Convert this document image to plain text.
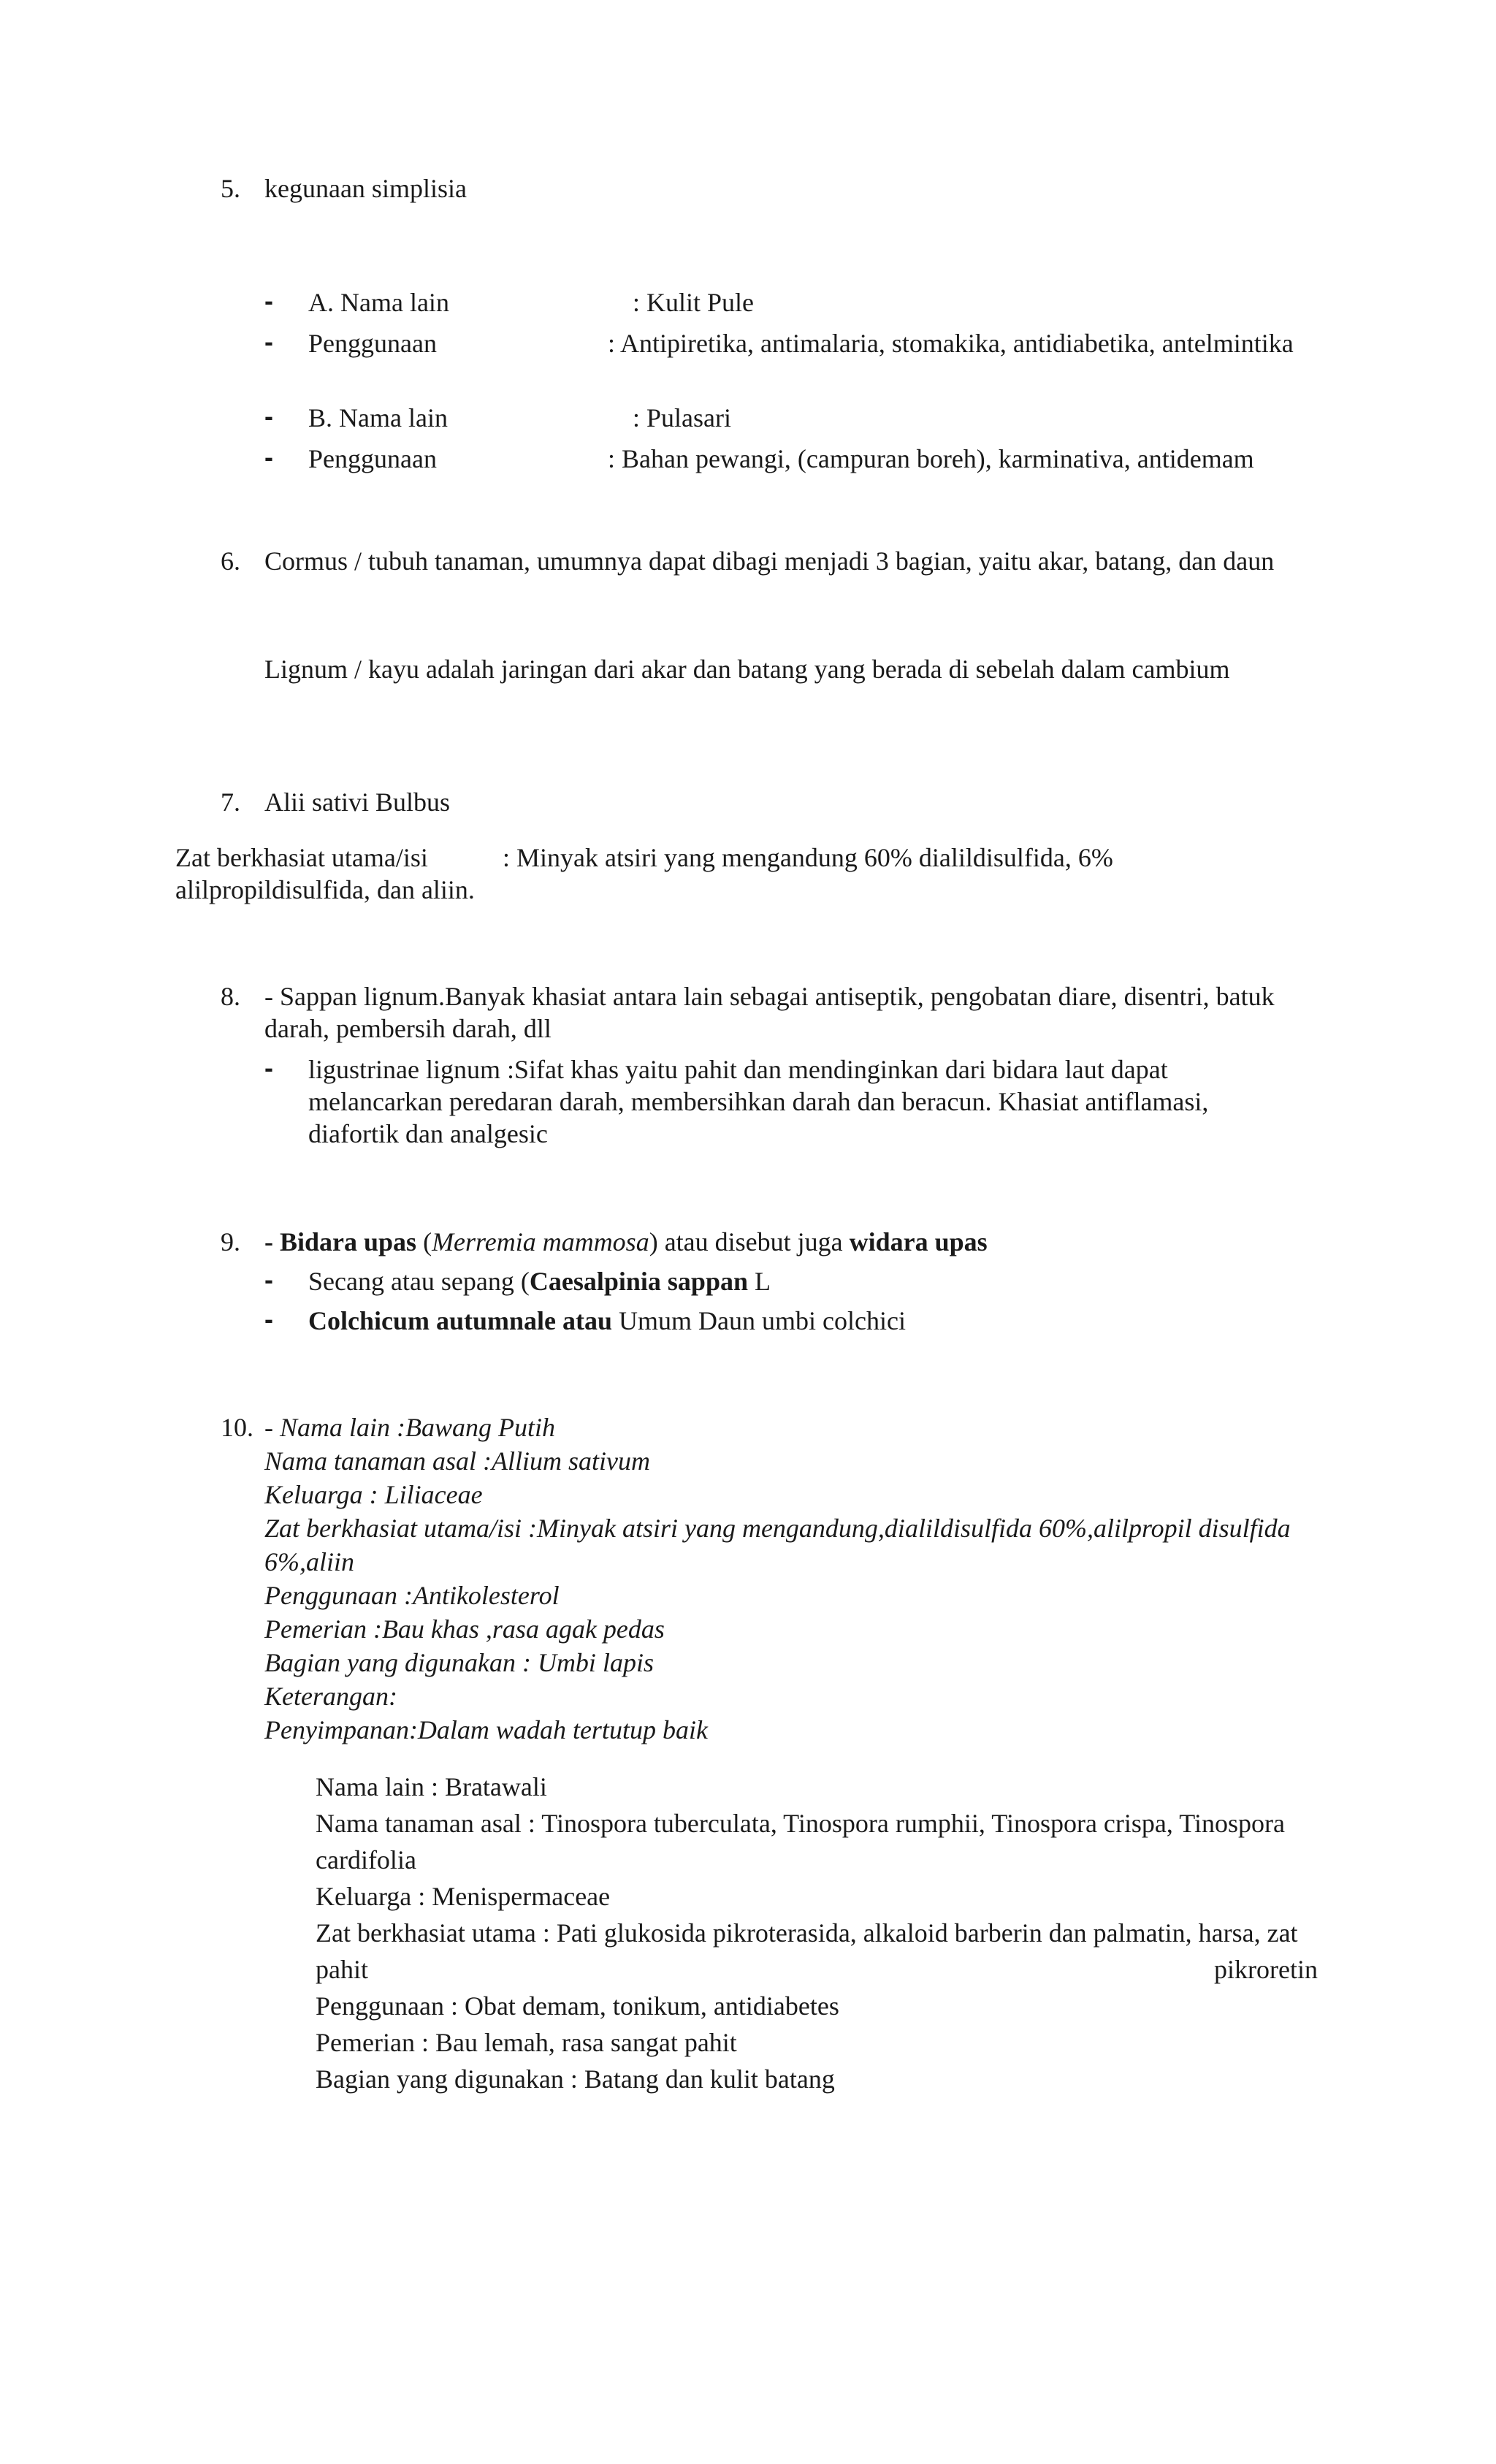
5. kegunaan simplisia
- A. Nama lain	: Kulit Pule
- Penggunaan	: Antipiretika, antimalaria, stomakika, antidiabetika, antelmintika
- B. Nama lain	: Pulasari
- Penggunaan	: Bahan pewangi, (campuran boreh), karminativa, antidemam
6. Cormus / tubuh tanaman, umumnya dapat dibagi menjadi 3 bagian, yaitu akar, batang, dan daun
Lignum / kayu adalah jaringan dari akar dan batang yang berada di sebelah dalam cambium
7. Alii sativi Bulbus
Zat berkhasiat utama/isi	: Minyak atsiri yang mengandung 60% dialildisulfida, 6%
alilpropildisulfida, dan aliin.
8. - Sappan lignum.Banyak khasiat antara lain sebagai antiseptik, pengobatan diare, disentri, batuk
darah, pembersih darah, dll
- ligustrinae lignum :Sifat khas yaitu pahit dan mendinginkan dari bidara laut dapat
melancarkan peredaran darah, membersihkan darah dan beracun. Khasiat antiflamasi,
diafortik dan analgesic
9. - Bidara upas (Merremia mammosa) atau disebut juga widara upas
- Secang atau sepang (Caesalpinia sappan L
- Colchicum autumnale atau Umum Daun umbi colchici
10. - Nama lain :Bawang Putih
Nama tanaman asal :Allium sativum
Keluarga : Liliaceae
Zat berkhasiat utama/isi :Minyak atsiri yang mengandung,dialildisulfida 60%,alilpropil disulfida
6%,aliin
Penggunaan :Antikolesterol
Pemerian :Bau khas ,rasa agak pedas
Bagian yang digunakan : Umbi lapis
Keterangan:
Penyimpanan:Dalam wadah tertutup baik
Nama lain : Bratawali
Nama tanaman asal : Tinospora tuberculata, Tinospora rumphii, Tinospora crispa, Tinospora
cardifolia
Keluarga : Menispermaceae
Zat berkhasiat utama : Pati glukosida pikroterasida, alkaloid barberin dan palmatin, harsa, zat
pahit	pikroretin
Penggunaan : Obat demam, tonikum, antidiabetes
Pemerian : Bau lemah, rasa sangat pahit
Bagian yang digunakan : Batang dan kulit batang
